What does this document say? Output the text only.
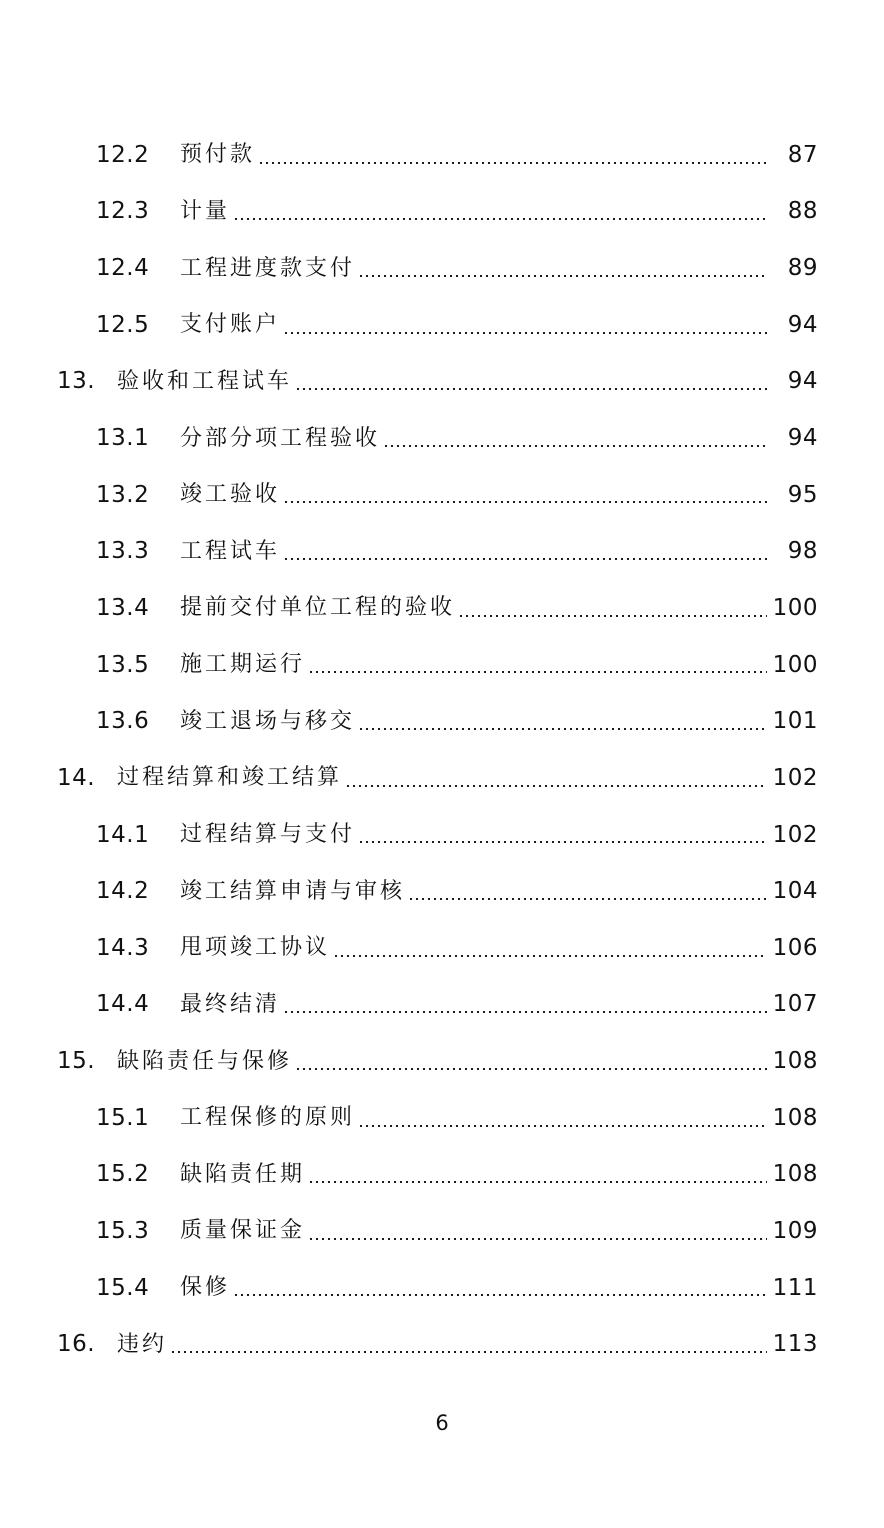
12.2	预付款	87
12.3	计量	88
12.4	工程进度款支付	89
12.5	支付账户	94
13. 验收和工程试车	94
13.1	分部分项工程验收	94
13.2	竣工验收	95
13.3	工程试车	98
13.4	提前交付单位工程的验收	100
13.5	施工期运行	100
13.6	竣工退场与移交	101
14. 过程结算和竣工结算	102
14.1	过程结算与支付	102
14.2	竣工结算申请与审核	104
14.3	甩项竣工协议	106
14.4	最终结清	107
15. 缺陷责任与保修	108
15.1	工程保修的原则	108
15.2	缺陷责任期	108
15.3	质量保证金	109
15.4	保修	111
16. 违约	113
6
